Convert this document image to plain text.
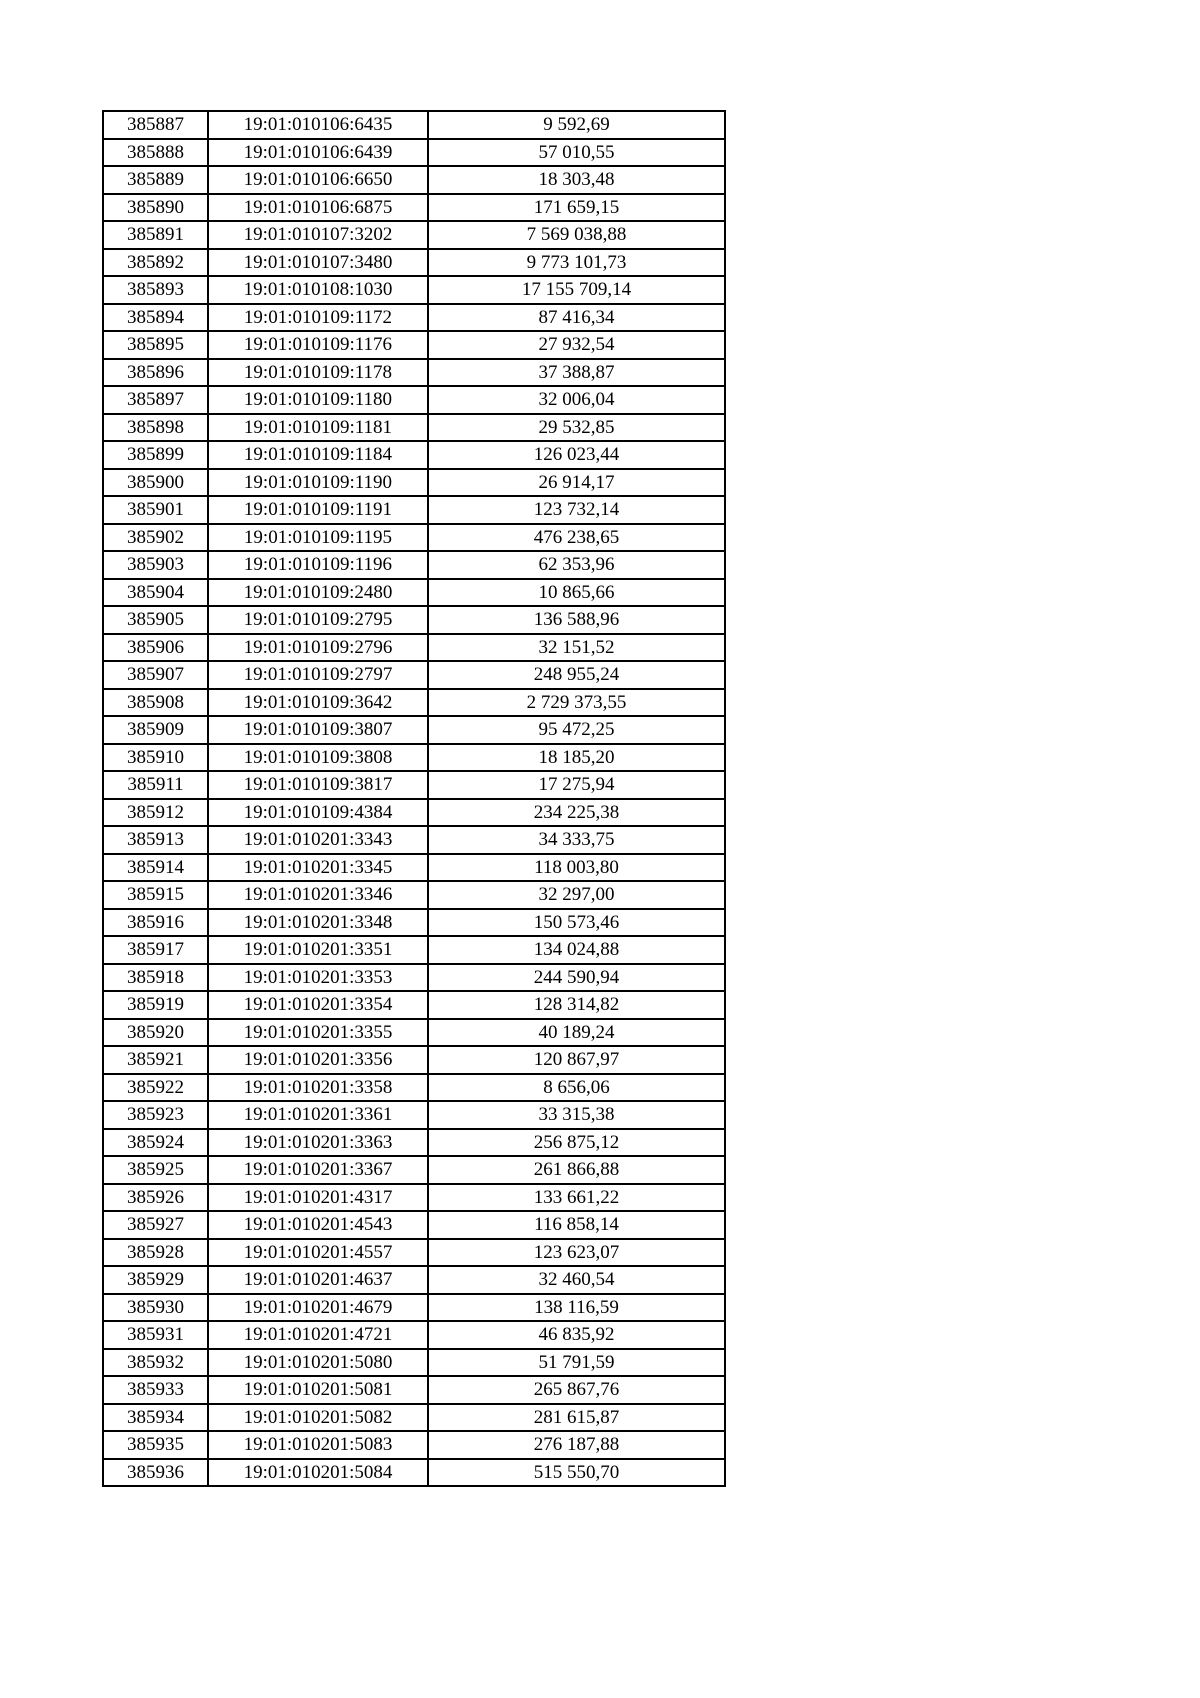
385887	19:01:010106:6435	9 592,69
385888	19:01:010106:6439	57 010,55
385889	19:01:010106:6650	18 303,48
385890	19:01:010106:6875	171 659,15
385891	19:01:010107:3202	7 569 038,88
385892	19:01:010107:3480	9 773 101,73
385893	19:01:010108:1030	17 155 709,14
385894	19:01:010109:1172	87 416,34
385895	19:01:010109:1176	27 932,54
385896	19:01:010109:1178	37 388,87
385897	19:01:010109:1180	32 006,04
385898	19:01:010109:1181	29 532,85
385899	19:01:010109:1184	126 023,44
385900	19:01:010109:1190	26 914,17
385901	19:01:010109:1191	123 732,14
385902	19:01:010109:1195	476 238,65
385903	19:01:010109:1196	62 353,96
385904	19:01:010109:2480	10 865,66
385905	19:01:010109:2795	136 588,96
385906	19:01:010109:2796	32 151,52
385907	19:01:010109:2797	248 955,24
385908	19:01:010109:3642	2 729 373,55
385909	19:01:010109:3807	95 472,25
385910	19:01:010109:3808	18 185,20
385911	19:01:010109:3817	17 275,94
385912	19:01:010109:4384	234 225,38
385913	19:01:010201:3343	34 333,75
385914	19:01:010201:3345	118 003,80
385915	19:01:010201:3346	32 297,00
385916	19:01:010201:3348	150 573,46
385917	19:01:010201:3351	134 024,88
385918	19:01:010201:3353	244 590,94
385919	19:01:010201:3354	128 314,82
385920	19:01:010201:3355	40 189,24
385921	19:01:010201:3356	120 867,97
385922	19:01:010201:3358	8 656,06
385923	19:01:010201:3361	33 315,38
385924	19:01:010201:3363	256 875,12
385925	19:01:010201:3367	261 866,88
385926	19:01:010201:4317	133 661,22
385927	19:01:010201:4543	116 858,14
385928	19:01:010201:4557	123 623,07
385929	19:01:010201:4637	32 460,54
385930	19:01:010201:4679	138 116,59
385931	19:01:010201:4721	46 835,92
385932	19:01:010201:5080	51 791,59
385933	19:01:010201:5081	265 867,76
385934	19:01:010201:5082	281 615,87
385935	19:01:010201:5083	276 187,88
385936	19:01:010201:5084	515 550,70
